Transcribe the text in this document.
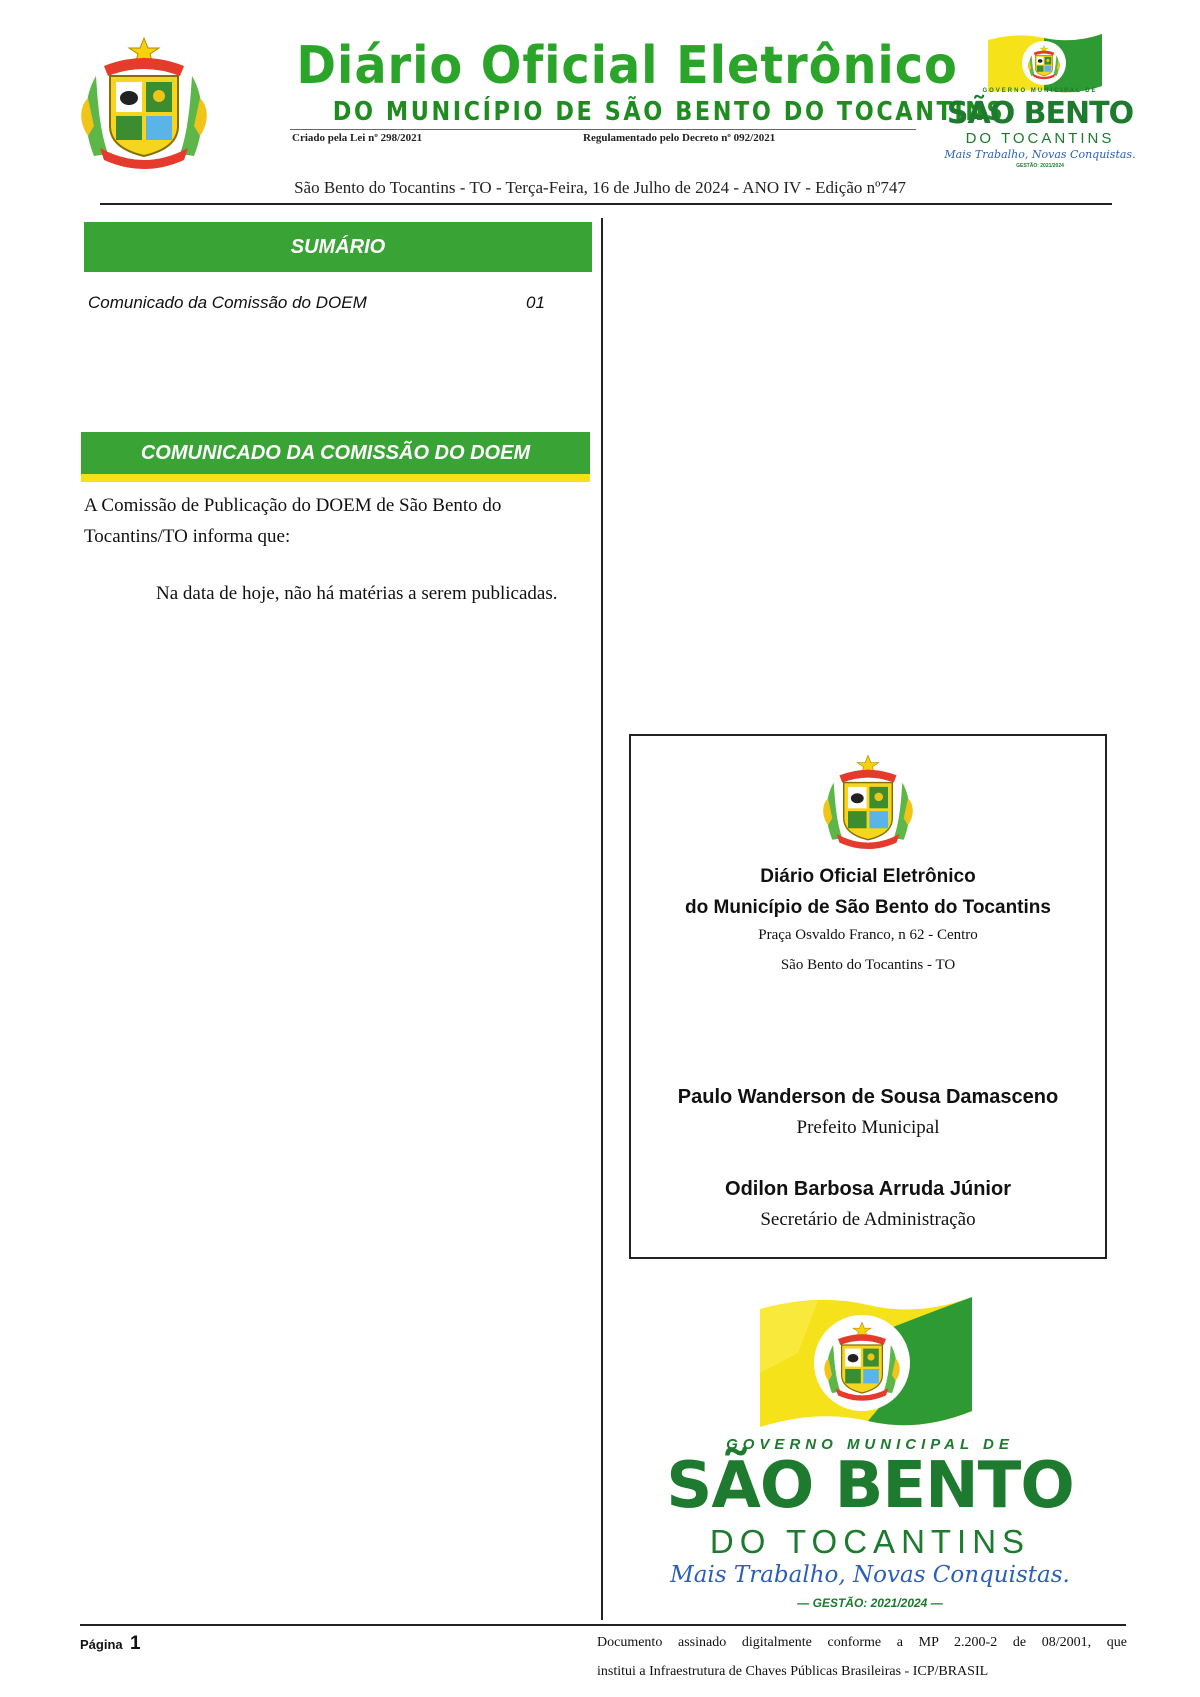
Diário Oficial Eletrônico
DO MUNICÍPIO DE SÃO BENTO DO TOCANTINS
Criado pela Lei nº 298/2021	Regulamentado pelo Decreto nº 092/2021
GOVERNO MUNICIPAL DE
SÃO BENTO
DO TOCANTINS
Mais Trabalho, Novas Conquistas.
GESTÃO: 2021/2024
São Bento do Tocantins - TO - Terça-Feira, 16 de Julho de 2024 - ANO IV - Edição nº747
SUMÁRIO
Comunicado da Comissão do DOEM	01
COMUNICADO DA COMISSÃO DO DOEM
A Comissão de Publicação do DOEM de São Bento do Tocantins/TO informa que:
Na data de hoje, não há matérias a serem publicadas.
Diário Oficial Eletrônico
do Município de São Bento do Tocantins
Praça Osvaldo Franco, n 62 - Centro
São Bento do Tocantins - TO
Paulo Wanderson de Sousa Damasceno
Prefeito Municipal
Odilon Barbosa Arruda Júnior
Secretário de Administração
GOVERNO MUNICIPAL DE
SÃO BENTO
DO TOCANTINS
Mais Trabalho, Novas Conquistas.
— GESTÃO: 2021/2024 —
Página 1	Documento assinado digitalmente conforme a MP 2.200-2 de 08/2001, que
institui a Infraestrutura de Chaves Públicas Brasileiras - ICP/BRASIL
